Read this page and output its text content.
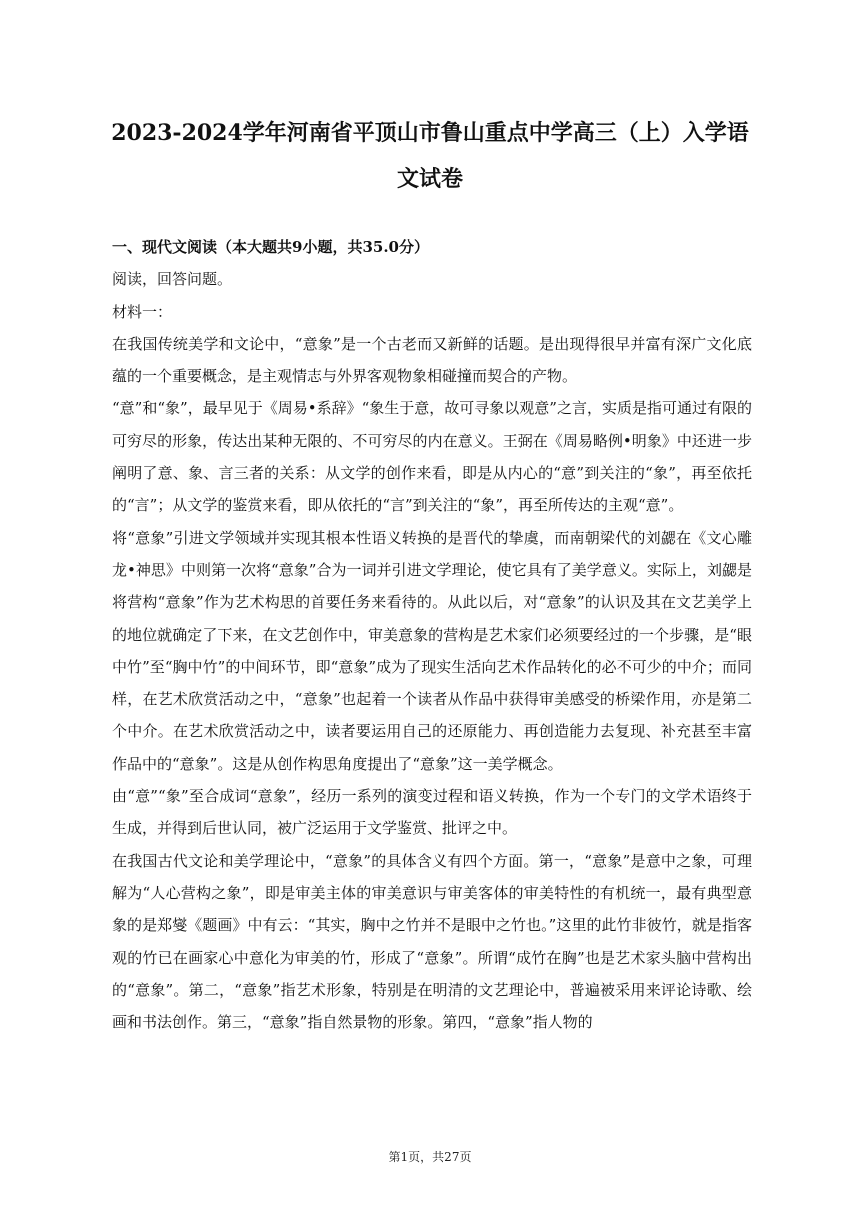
2023-2024学年河南省平顶山市鲁山重点中学高三（上）入学语
文试卷

一、现代文阅读（本大题共9小题，共35.0分）

阅读，回答问题。

材料一：

在我国传统美学和文论中，“意象”是一个古老而又新鲜的话题。是出现得很早并富有深广文化底蕴的一个重要概念，是主观情志与外界客观物象相碰撞而契合的产物。

“意”和“象”，最早见于《周易•系辞》“象生于意，故可寻象以观意”之言，实质是指可通过有限的可穷尽的形象，传达出某种无限的、不可穷尽的内在意义。王弼在《周易略例•明象》中还进一步阐明了意、象、言三者的关系：从文学的创作来看，即是从内心的“意”到关注的“象”，再至依托的“言”；从文学的鉴赏来看，即从依托的“言”到关注的“象”，再至所传达的主观“意”。

将“意象”引进文学领域并实现其根本性语义转换的是晋代的挚虞，而南朝梁代的刘勰在《文心雕龙•神思》中则第一次将“意象”合为一词并引进文学理论，使它具有了美学意义。实际上，刘勰是将营构“意象”作为艺术构思的首要任务来看待的。从此以后，对“意象”的认识及其在文艺美学上的地位就确定了下来，在文艺创作中，审美意象的营构是艺术家们必须要经过的一个步骤，是“眼中竹”至“胸中竹”的中间环节，即“意象”成为了现实生活向艺术作品转化的必不可少的中介；而同样，在艺术欣赏活动之中，“意象”也起着一个读者从作品中获得审美感受的桥梁作用，亦是第二个中介。在艺术欣赏活动之中，读者要运用自己的还原能力、再创造能力去复现、补充甚至丰富作品中的“意象”。这是从创作构思角度提出了“意象”这一美学概念。

由“意”“象”至合成词“意象”，经历一系列的演变过程和语义转换，作为一个专门的文学术语终于生成，并得到后世认同，被广泛运用于文学鉴赏、批评之中。

在我国古代文论和美学理论中，“意象”的具体含义有四个方面。第一，“意象”是意中之象，可理解为“人心营构之象”，即是审美主体的审美意识与审美客体的审美特性的有机统一，最有典型意象的是郑燮《题画》中有云：“其实，胸中之竹并不是眼中之竹也。”这里的此竹非彼竹，就是指客观的竹已在画家心中意化为审美的竹，形成了“意象”。所谓“成竹在胸”也是艺术家头脑中营构出的“意象”。第二，“意象”指艺术形象，特别是在明清的文艺理论中，普遍被采用来评论诗歌、绘画和书法创作。第三，“意象”指自然景物的形象。第四，“意象”指人物的

第1页，共27页
